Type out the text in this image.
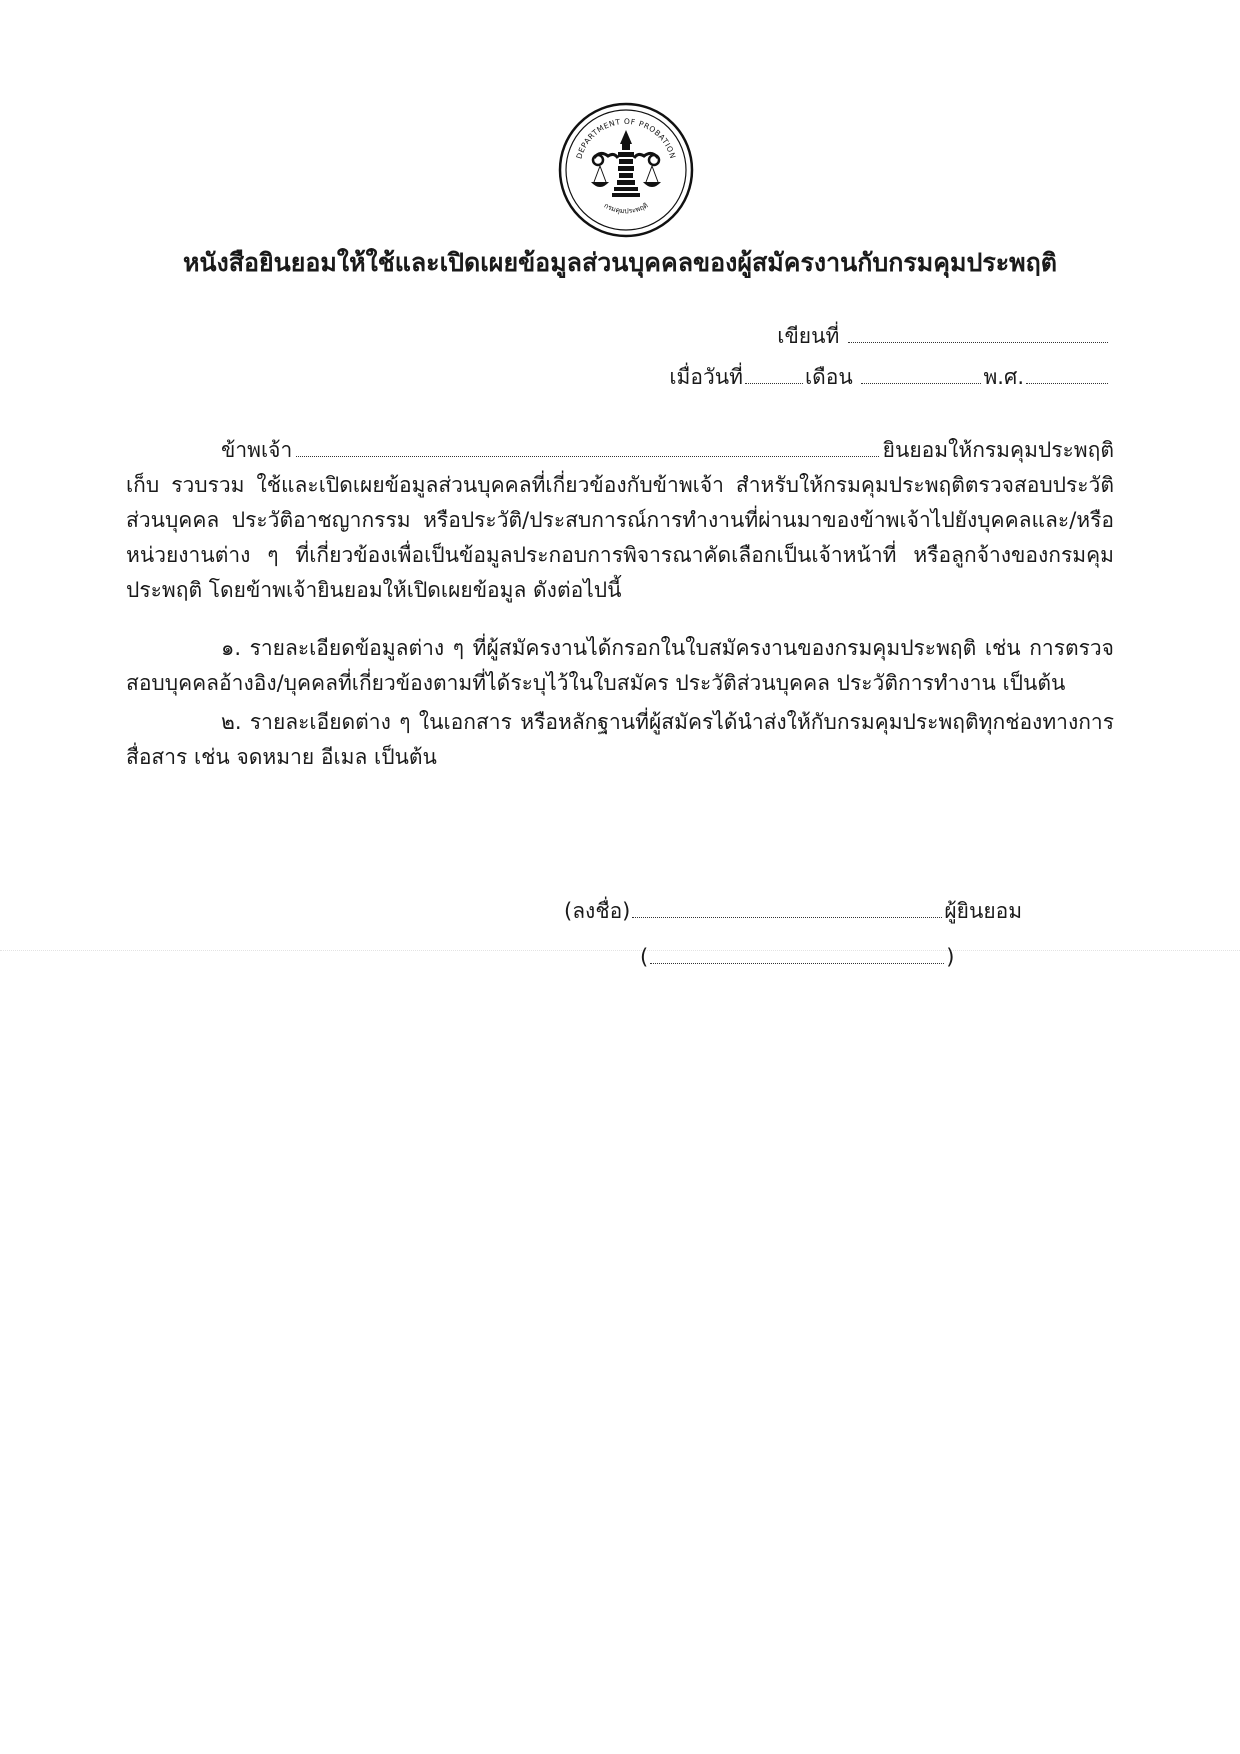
DEPARTMENT OF PROBATION
กรมคุมประพฤติ
หนังสือยินยอมให้ใช้และเปิดเผยข้อมูลส่วนบุคคลของผู้สมัครงานกับกรมคุมประพฤติ
เขียนที่
เมื่อวันที่	เดือน	พ.ศ.
ข้าพเจ้า	ยินยอมให้กรมคุมประพฤติ
เก็บ รวบรวม ใช้และเปิดเผยข้อมูลส่วนบุคคลที่เกี่ยวข้องกับข้าพเจ้า สำหรับให้กรมคุมประพฤติตรวจสอบประวัติส่วนบุคคล ประวัติอาชญากรรม หรือประวัติ/ประสบการณ์การทำงานที่ผ่านมาของข้าพเจ้าไปยังบุคคลและ/หรือหน่วยงานต่าง ๆ ที่เกี่ยวข้องเพื่อเป็นข้อมูลประกอบการพิจารณาคัดเลือกเป็นเจ้าหน้าที่ หรือลูกจ้างของกรมคุมประพฤติ โดยข้าพเจ้ายินยอมให้เปิดเผยข้อมูล ดังต่อไปนี้
๑. รายละเอียดข้อมูลต่าง ๆ ที่ผู้สมัครงานได้กรอกในใบสมัครงานของกรมคุมประพฤติ เช่น การตรวจสอบบุคคลอ้างอิง/บุคคลที่เกี่ยวข้องตามที่ได้ระบุไว้ในใบสมัคร ประวัติส่วนบุคคล ประวัติการทำงาน เป็นต้น
๒. รายละเอียดต่าง ๆ ในเอกสาร หรือหลักฐานที่ผู้สมัครได้นำส่งให้กับกรมคุมประพฤติทุกช่องทางการสื่อสาร เช่น จดหมาย อีเมล เป็นต้น
(ลงชื่อ)	ผู้ยินยอม
(	)
